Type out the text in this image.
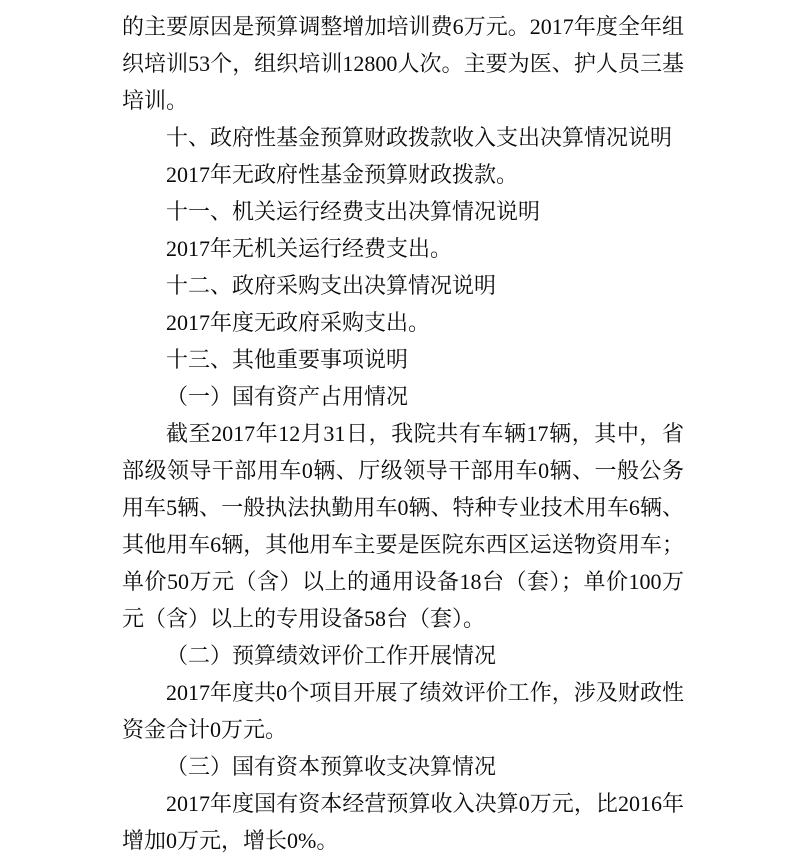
的主要原因是预算调整增加培训费6万元。2017年度全年组织培训53个，组织培训12800人次。主要为医、护人员三基培训。

十、政府性基金预算财政拨款收入支出决算情况说明

2017年无政府性基金预算财政拨款。

十一、机关运行经费支出决算情况说明

2017年无机关运行经费支出。

十二、政府采购支出决算情况说明

2017年度无政府采购支出。

十三、其他重要事项说明

（一）国有资产占用情况

截至2017年12月31日，我院共有车辆17辆，其中，省部级领导干部用车0辆、厅级领导干部用车0辆、一般公务用车5辆、一般执法执勤用车0辆、特种专业技术用车6辆、其他用车6辆，其他用车主要是医院东西区运送物资用车；单价50万元（含）以上的通用设备18台（套）；单价100万元（含）以上的专用设备58台（套）。

（二）预算绩效评价工作开展情况

2017年度共0个项目开展了绩效评价工作，涉及财政性资金合计0万元。

（三）国有资本预算收支决算情况

2017年度国有资本经营预算收入决算0万元，比2016年增加0万元，增长0%。
